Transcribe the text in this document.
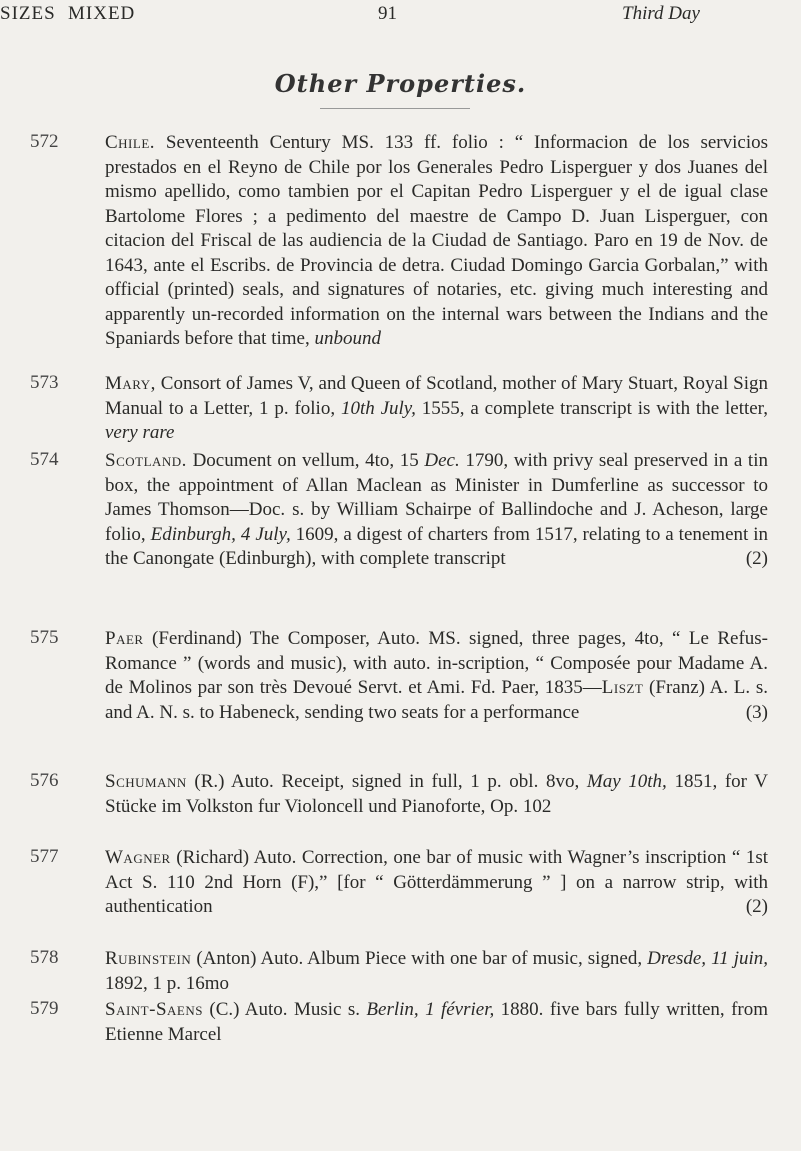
SIZES MIXED	91	Third Day
Other Properties.
572 Chile. Seventeenth Century MS. 133 ff. folio : “ Informacion de los servicios prestados en el Reyno de Chile por los Generales Pedro Lisperguer y dos Juanes del mismo apellido, como tambien por el Capitan Pedro Lisperguer y el de igual clase Bartolome Flores ; a pedimento del maestre de Campo D. Juan Lisperguer, con citacion del Friscal de las audiencia de la Ciudad de Santiago. Paro en 19 de Nov. de 1643, ante el Escribs. de Provincia de detra. Ciudad Domingo Garcia Gorbalan,” with official (printed) seals, and signatures of notaries, etc. giving much interesting and apparently un-recorded information on the internal wars between the Indians and the Spaniards before that time, unbound
573 Mary, Consort of James V, and Queen of Scotland, mother of Mary Stuart, Royal Sign Manual to a Letter, 1 p. folio, 10th July, 1555, a complete transcript is with the letter, very rare
574 Scotland. Document on vellum, 4to, 15 Dec. 1790, with privy seal preserved in a tin box, the appointment of Allan Maclean as Minister in Dumferline as successor to James Thomson—Doc. s. by William Schairpe of Ballindoche and J. Acheson, large folio, Edinburgh, 4 July, 1609, a digest of charters from 1517, relating to a tenement in the Canongate (Edinburgh), with complete transcript	(2)
575 Paer (Ferdinand) The Composer, Auto. MS. signed, three pages, 4to, “ Le Refus-Romance ” (words and music), with auto. in-scription, “ Composée pour Madame A. de Molinos par son très Devoué Servt. et Ami. Fd. Paer, 1835—Liszt (Franz) A. L. s. and A. N. s. to Habeneck, sending two seats for a performance	(3)
576 Schumann (R.) Auto. Receipt, signed in full, 1 p. obl. 8vo, May 10th, 1851, for V Stücke im Volkston fur Violoncell und Pianoforte, Op. 102
577 Wagner (Richard) Auto. Correction, one bar of music with Wagner’s inscription “ 1st Act S. 110 2nd Horn (F),” [for “ Götterdämmerung ” ] on a narrow strip, with authentication	(2)
578 Rubinstein (Anton) Auto. Album Piece with one bar of music, signed, Dresde, 11 juin, 1892, 1 p. 16mo
579 Saint-Saens (C.) Auto. Music s. Berlin, 1 février, 1880. five bars fully written, from Etienne Marcel
